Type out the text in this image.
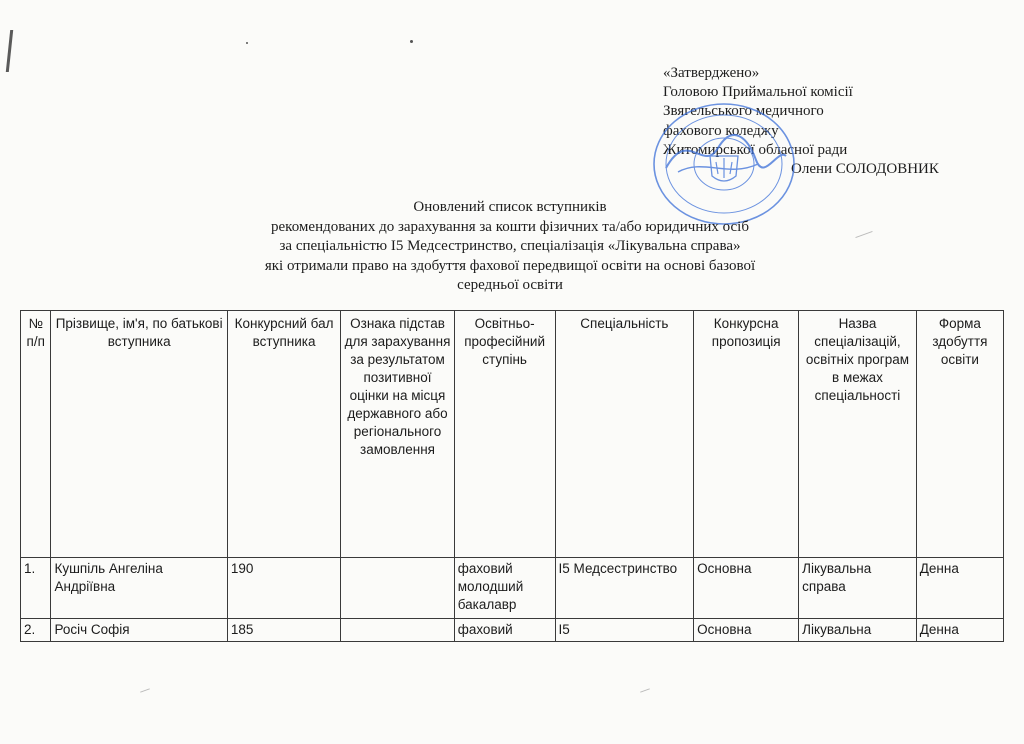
«Затверджено»
Головою Приймальної комісії
Звягельського медичного
фахового коледжу
Житомирської обласної ради
Олени СОЛОДОВНИК
Оновлений список вступників
рекомендованих до зарахування за кошти фізичних та/або юридичних осіб
за спеціальністю І5 Медсестринство, спеціалізація «Лікувальна справа»
які отримали право на здобуття фахової передвищої освіти на основі базової
середньої освіти
№ п/п	Прізвище, ім'я, по батькові вступника	Конкурсний бал вступника	Ознака підстав для зарахування за результатом позитивної оцінки на місця державного або регіонального замовлення	Освітньо-професійний ступінь	Спеціальність	Конкурсна пропозиція	Назва спеціалізацій, освітніх програм в межах спеціальності	Форма здобуття освіти
1.	Кушпіль Ангеліна Андріївна	190		фаховий молодший бакалавр	І5 Медсестринство	Основна	Лікувальна справа	Денна
2.	Росіч Софія	185		фаховий	І5	Основна	Лікувальна	Денна
